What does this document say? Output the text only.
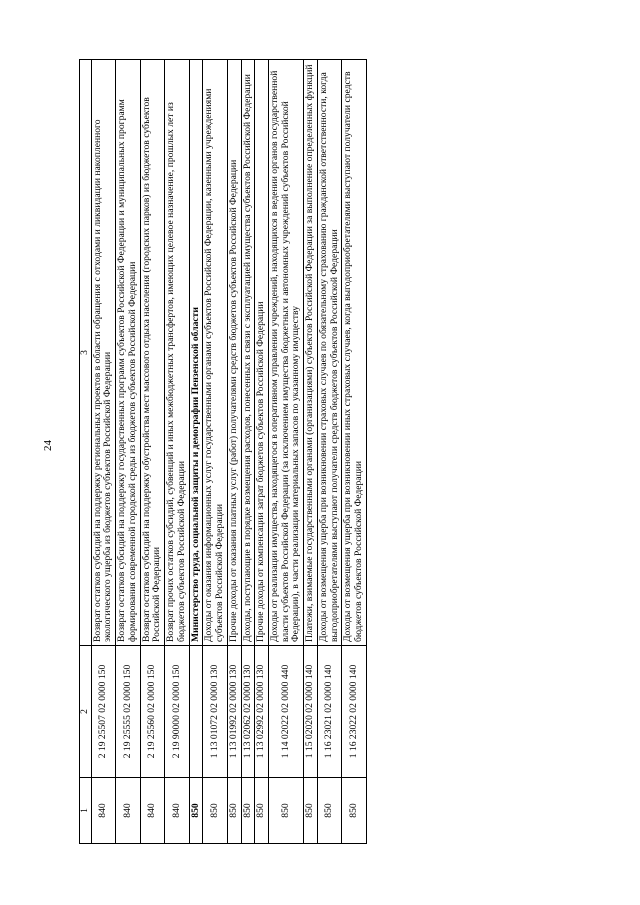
24
1	2	3
840	2 19 25507 02 0000 150	Возврат остатков субсидий на поддержку региональных проектов в области обращения с отходами и ликвидации накопленного экологического ущерба из бюджетов субъектов Российской Федерации
840	2 19 25555 02 0000 150	Возврат остатков субсидий на поддержку государственных программ субъектов Российской Федерации и муниципальных программ формирования современной городской среды из бюджетов субъектов Российской Федерации
840	2 19 25560 02 0000 150	Возврат остатков субсидий на поддержку обустройства мест массового отдыха населения (городских парков) из бюджетов субъектов Российской Федерации
840	2 19 90000 02 0000 150	Возврат прочих остатков субсидий, субвенций и иных межбюджетных трансфертов, имеющих целевое назначение, прошлых лет из бюджетов субъектов Российской Федерации
850		Министерство труда, социальной защиты и демографии Пензенской области
850	1 13 01072 02 0000 130	Доходы от оказания информационных услуг государственными органами субъектов Российской Федерации, казенными учреждениями субъектов Российской Федерации
850	1 13 01992 02 0000 130	Прочие доходы от оказания платных услуг (работ) получателями средств бюджетов субъектов Российской Федерации
850	1 13 02062 02 0000 130	Доходы, поступающие в порядке возмещения расходов, понесенных в связи с эксплуатацией имущества субъектов Российской Федерации
850	1 13 02992 02 0000 130	Прочие доходы от компенсации затрат бюджетов субъектов Российской Федерации
850	1 14 02022 02 0000 440	Доходы от реализации имущества, находящегося в оперативном управлении учреждений, находящихся в ведении органов государственной власти субъектов Российской Федерации (за исключением имущества бюджетных и автономных учреждений субъектов Российской Федерации), в части реализации материальных запасов по указанному имуществу
850	1 15 02020 02 0000 140	Платежи, взимаемые государственными органами (организациями) субъектов Российской Федерации за выполнение определенных функций
850	1 16 23021 02 0000 140	Доходы от возмещения ущерба при возникновении страховых случаев по обязательному страхованию гражданской ответственности, когда выгодоприобретателями выступают получатели средств бюджетов субъектов Российской Федерации
850	1 16 23022 02 0000 140	Доходы от возмещения ущерба при возникновении иных страховых случаев, когда выгодоприобретателями выступают получатели средств бюджетов субъектов Российской Федерации
